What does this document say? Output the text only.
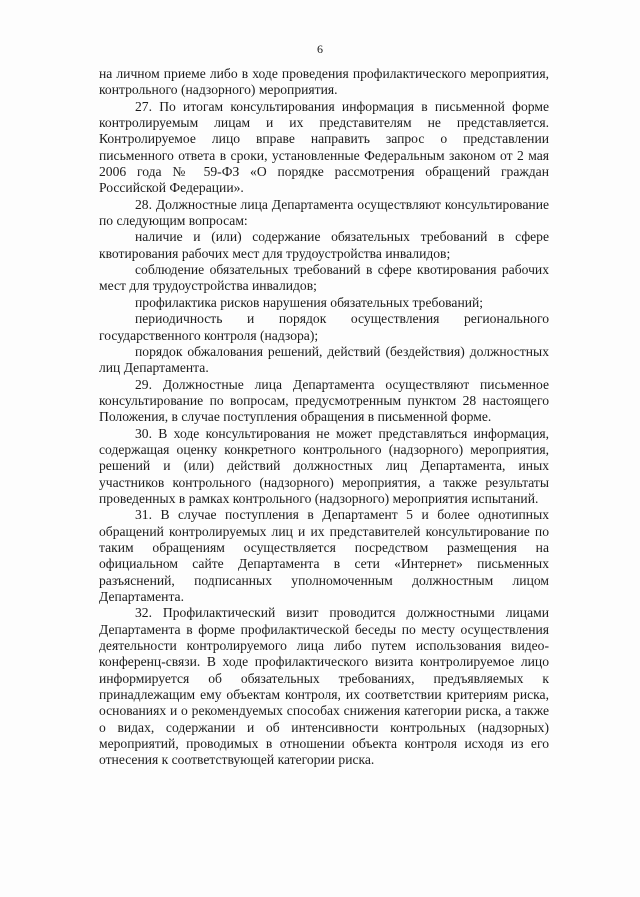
6

на личном приеме либо в ходе проведения профилактического мероприятия, контрольного (надзорного) мероприятия.

27. По итогам консультирования информация в письменной форме контролируемым лицам и их представителям не представляется. Контролируемое лицо вправе направить запрос о представлении письменного ответа в сроки, установленные Федеральным законом от 2 мая 2006 года № 59-ФЗ «О порядке рассмотрения обращений граждан Российской Федерации».

28. Должностные лица Департамента осуществляют консультирование по следующим вопросам:

наличие и (или) содержание обязательных требований в сфере квотирования рабочих мест для трудоустройства инвалидов;

соблюдение обязательных требований в сфере квотирования рабочих мест для трудоустройства инвалидов;

профилактика рисков нарушения обязательных требований;

периодичность и порядок осуществления регионального государственного контроля (надзора);

порядок обжалования решений, действий (бездействия) должностных лиц Департамента.

29. Должностные лица Департамента осуществляют письменное консультирование по вопросам, предусмотренным пунктом 28 настоящего Положения, в случае поступления обращения в письменной форме.

30. В ходе консультирования не может представляться информация, содержащая оценку конкретного контрольного (надзорного) мероприятия, решений и (или) действий должностных лиц Департамента, иных участников контрольного (надзорного) мероприятия, а также результаты проведенных в рамках контрольного (надзорного) мероприятия испытаний.

31. В случае поступления в Департамент 5 и более однотипных обращений контролируемых лиц и их представителей консультирование по таким обращениям осуществляется посредством размещения на официальном сайте Департамента в сети «Интернет» письменных разъяснений, подписанных уполномоченным должностным лицом Департамента.

32. Профилактический визит проводится должностными лицами Департамента в форме профилактической беседы по месту осуществления деятельности контролируемого лица либо путем использования видео-конференц-связи. В ходе профилактического визита контролируемое лицо информируется об обязательных требованиях, предъявляемых к принадлежащим ему объектам контроля, их соответствии критериям риска, основаниях и о рекомендуемых способах снижения категории риска, а также о видах, содержании и об интенсивности контрольных (надзорных) мероприятий, проводимых в отношении объекта контроля исходя из его отнесения к соответствующей категории риска.
